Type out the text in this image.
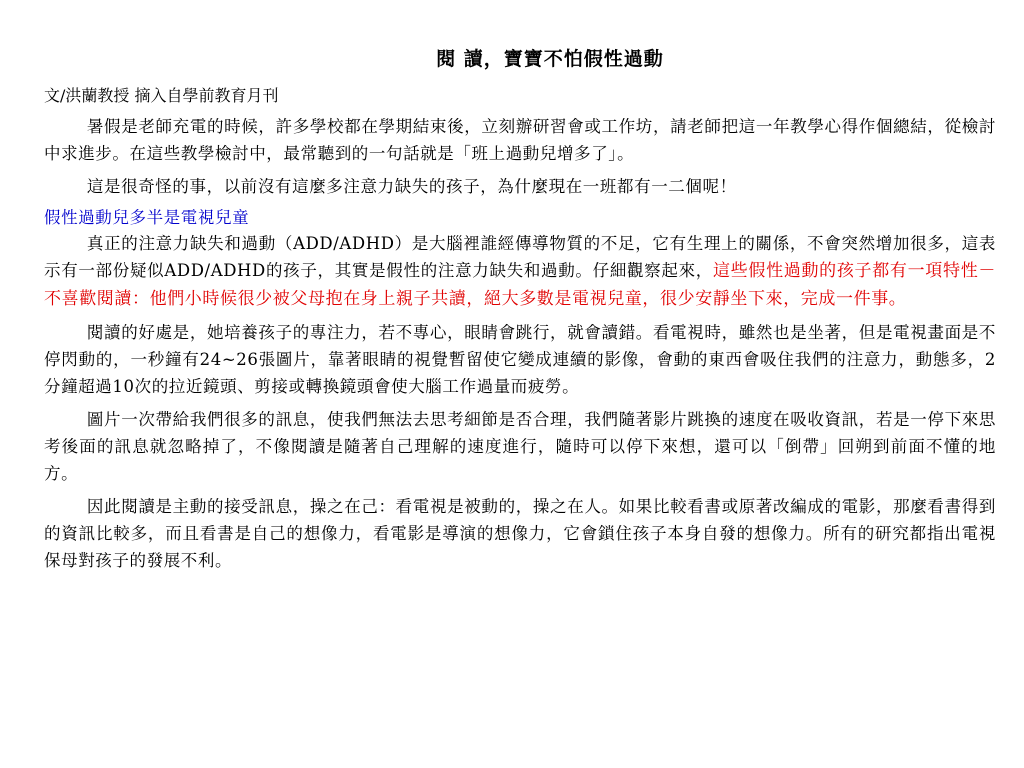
閱 讀，寶寶不怕假性過動
文/洪蘭教授 摘入自學前教育月刊

暑假是老師充電的時候，許多學校都在學期結束後，立刻辦研習會或工作坊，請老師把這一年教學心得作個總結，從檢討中求進步。在這些教學檢討中，最常聽到的一句話就是「班上過動兒增多了」。

這是很奇怪的事，以前沒有這麼多注意力缺失的孩子，為什麼現在一班都有一二個呢！

假性過動兒多半是電視兒童

真正的注意力缺失和過動（ADD/ADHD）是大腦裡誰經傳導物質的不足，它有生理上的關係，不會突然增加很多，這表示有一部份疑似ADD/ADHD的孩子，其實是假性的注意力缺失和過動。仔細觀察起來，這些假性過動的孩子都有一項特性－不喜歡閱讀：他們小時候很少被父母抱在身上親子共讀，絕大多數是電視兒童，很少安靜坐下來，完成一件事。

閱讀的好處是，她培養孩子的專注力，若不專心，眼睛會跳行，就會讀錯。看電視時，雖然也是坐著，但是電視畫面是不停閃動的，一秒鐘有24~26張圖片，靠著眼睛的視覺暫留使它變成連續的影像，會動的東西會吸住我們的注意力，動態多，2分鐘超過10次的拉近鏡頭、剪接或轉換鏡頭會使大腦工作過量而疲勞。

圖片一次帶給我們很多的訊息，使我們無法去思考細節是否合理，我們隨著影片跳換的速度在吸收資訊，若是一停下來思考後面的訊息就忽略掉了，不像閱讀是隨著自己理解的速度進行，隨時可以停下來想，還可以「倒帶」回朔到前面不懂的地方。

因此閱讀是主動的接受訊息，操之在己：看電視是被動的，操之在人。如果比較看書或原著改編成的電影，那麼看書得到的資訊比較多，而且看書是自己的想像力，看電影是導演的想像力，它會鎖住孩子本身自發的想像力。所有的研究都指出電視保母對孩子的發展不利。
